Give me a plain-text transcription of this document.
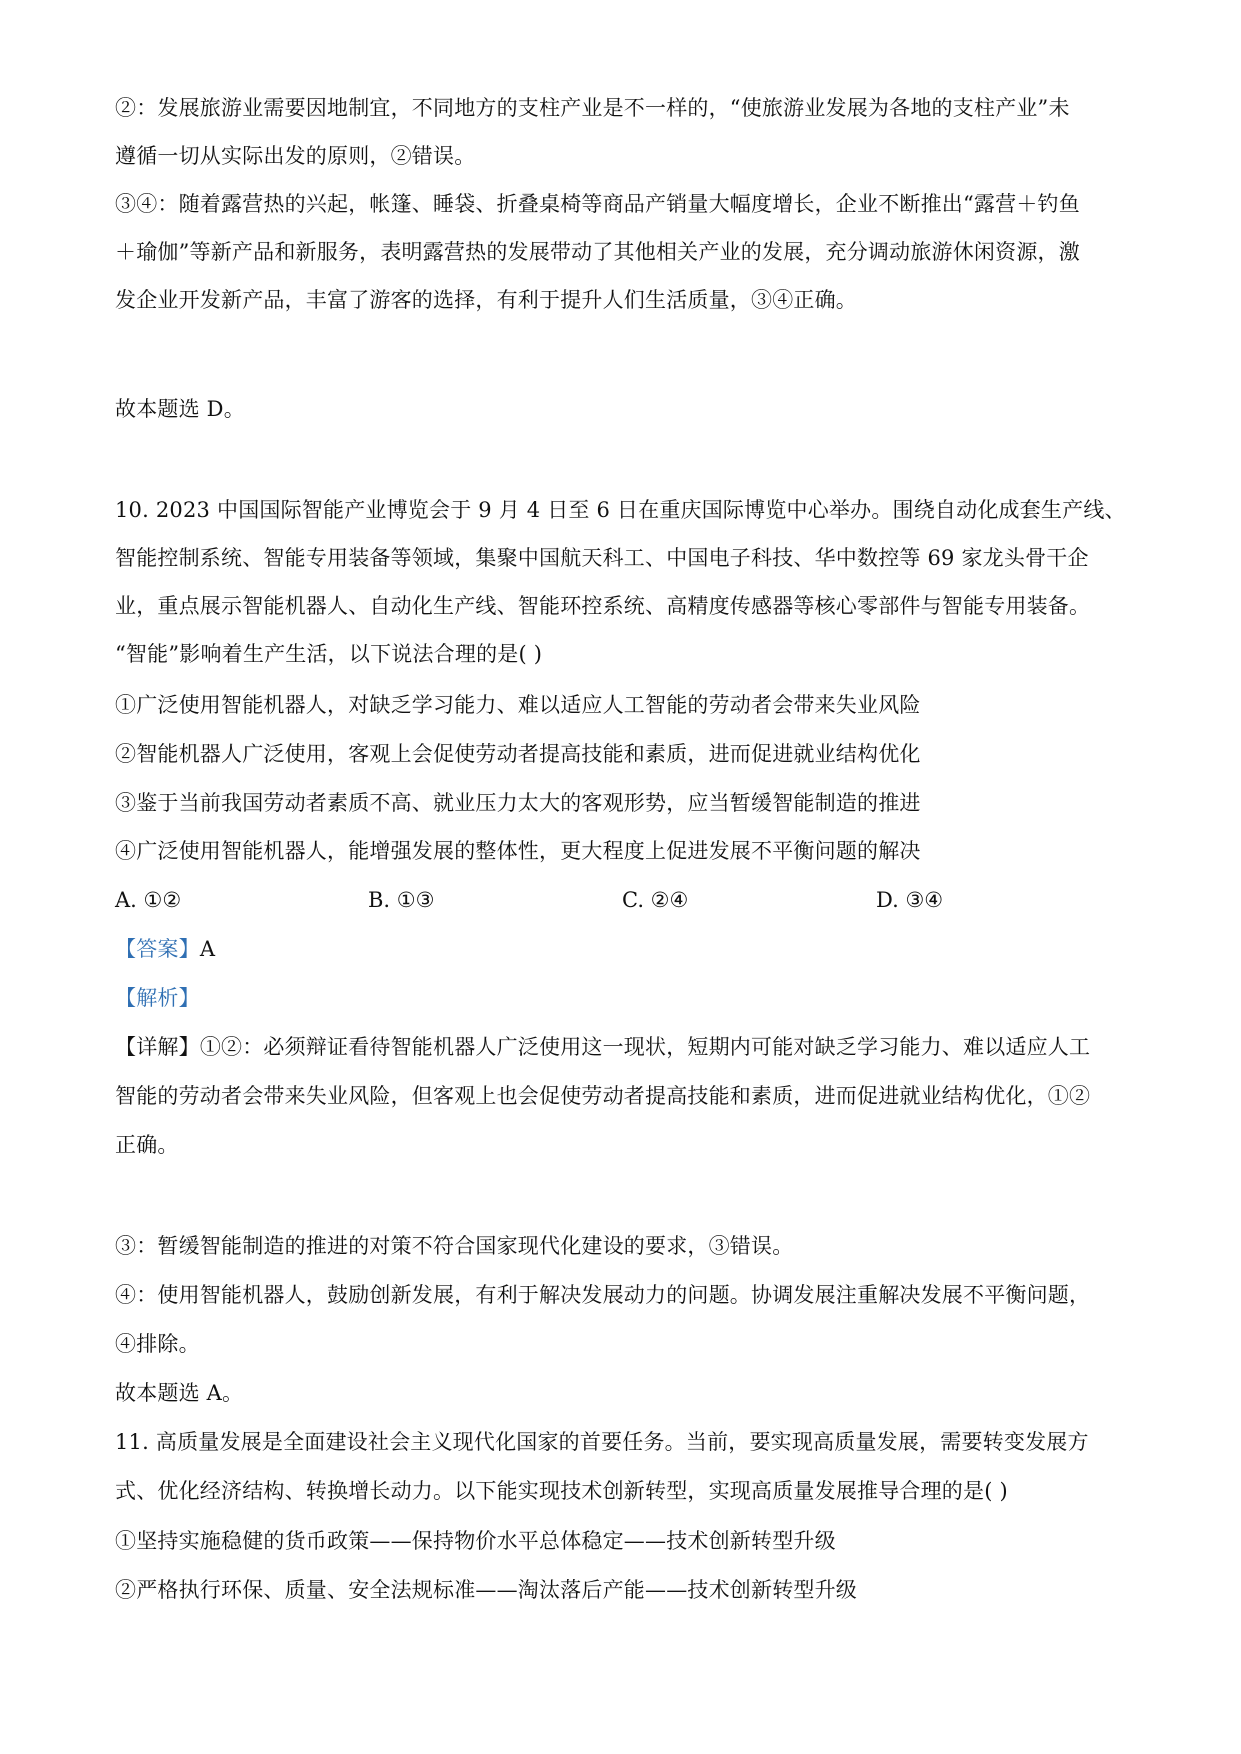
②：发展旅游业需要因地制宜，不同地方的支柱产业是不一样的，“使旅游业发展为各地的支柱产业”未
遵循一切从实际出发的原则，②错误。
③④：随着露营热的兴起，帐篷、睡袋、折叠桌椅等商品产销量大幅度增长，企业不断推出“露营＋钓鱼
＋瑜伽”等新产品和新服务，表明露营热的发展带动了其他相关产业的发展，充分调动旅游休闲资源，激
发企业开发新产品，丰富了游客的选择，有利于提升人们生活质量，③④正确。
故本题选 D。
10. 2023 中国国际智能产业博览会于 9 月 4 日至 6 日在重庆国际博览中心举办。围绕自动化成套生产线、
智能控制系统、智能专用装备等领域，集聚中国航天科工、中国电子科技、华中数控等 69 家龙头骨干企
业，重点展示智能机器人、自动化生产线、智能环控系统、高精度传感器等核心零部件与智能专用装备。
“智能”影响着生产生活，以下说法合理的是( )
①广泛使用智能机器人，对缺乏学习能力、难以适应人工智能的劳动者会带来失业风险
②智能机器人广泛使用，客观上会促使劳动者提高技能和素质，进而促进就业结构优化
③鉴于当前我国劳动者素质不高、就业压力太大的客观形势，应当暂缓智能制造的推进
④广泛使用智能机器人，能增强发展的整体性，更大程度上促进发展不平衡问题的解决
A. ①②	B. ①③	C. ②④	D. ③④
【答案】A
【解析】
【详解】①②：必须辩证看待智能机器人广泛使用这一现状，短期内可能对缺乏学习能力、难以适应人工
智能的劳动者会带来失业风险，但客观上也会促使劳动者提高技能和素质，进而促进就业结构优化，①②
正确。
③：暂缓智能制造的推进的对策不符合国家现代化建设的要求，③错误。
④：使用智能机器人，鼓励创新发展，有利于解决发展动力的问题。协调发展注重解决发展不平衡问题，
④排除。
故本题选 A。
11. 高质量发展是全面建设社会主义现代化国家的首要任务。当前，要实现高质量发展，需要转变发展方
式、优化经济结构、转换增长动力。以下能实现技术创新转型，实现高质量发展推导合理的是( )
①坚持实施稳健的货币政策——保持物价水平总体稳定——技术创新转型升级
②严格执行环保、质量、安全法规标准——淘汰落后产能——技术创新转型升级
